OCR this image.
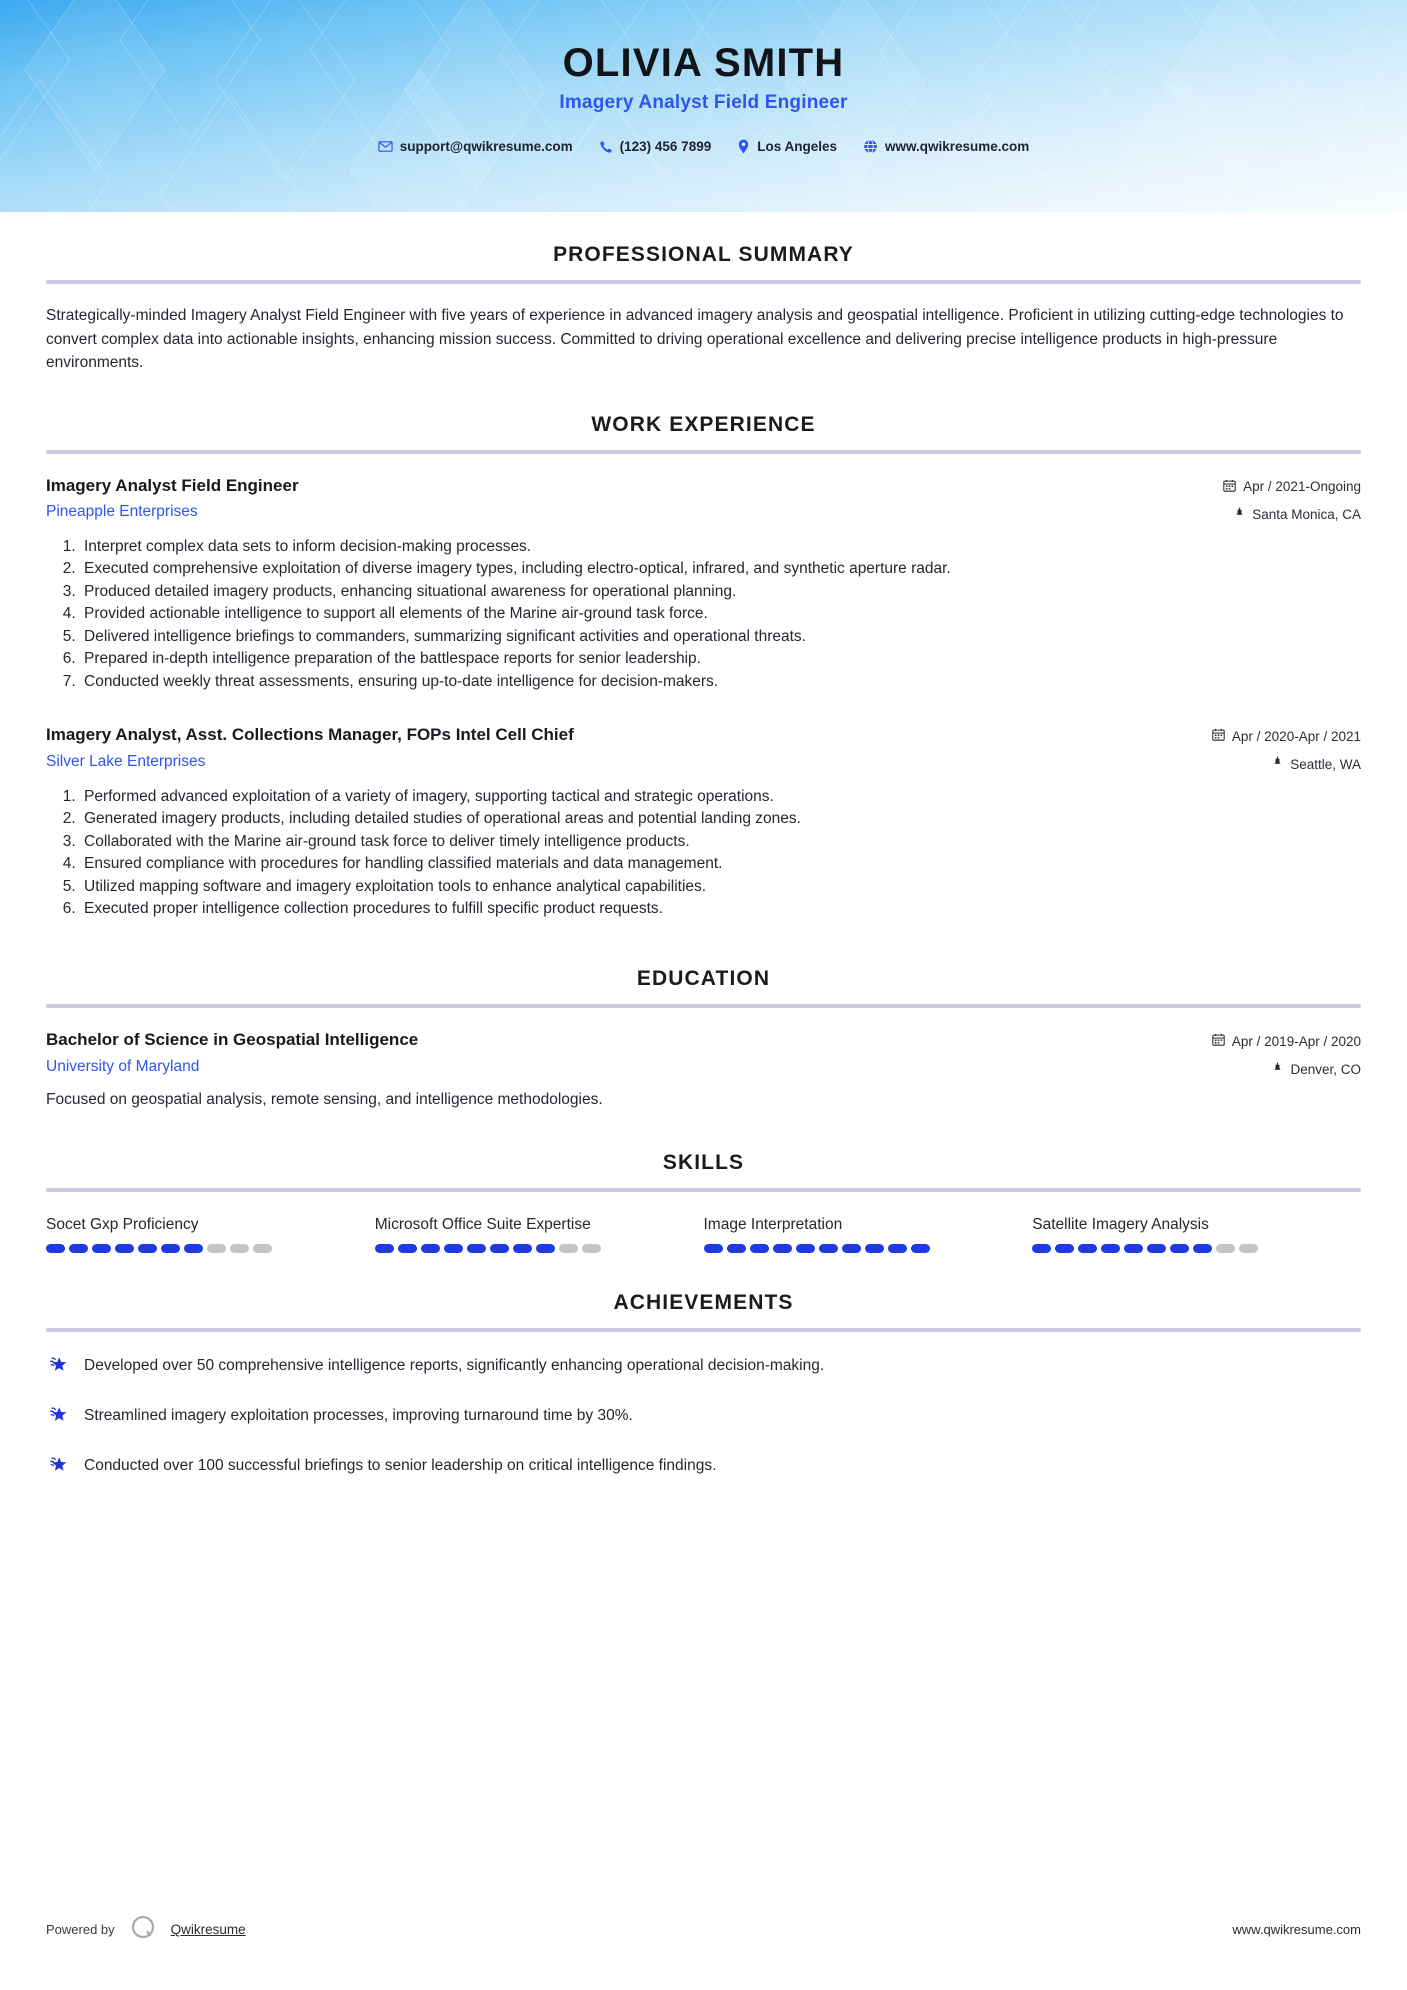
OLIVIA SMITH
Imagery Analyst Field Engineer
support@qwikresume.com	(123) 456 7899	Los Angeles	www.qwikresume.com
PROFESSIONAL SUMMARY
Strategically-minded Imagery Analyst Field Engineer with five years of experience in advanced imagery analysis and geospatial intelligence. Proficient in utilizing cutting-edge technologies to convert complex data into actionable insights, enhancing mission success. Committed to driving operational excellence and delivering precise intelligence products in high-pressure environments.
WORK EXPERIENCE
Imagery Analyst Field Engineer
Pineapple Enterprises
Apr / 2021-Ongoing
Santa Monica, CA
1. Interpret complex data sets to inform decision-making processes.
2. Executed comprehensive exploitation of diverse imagery types, including electro-optical, infrared, and synthetic aperture radar.
3. Produced detailed imagery products, enhancing situational awareness for operational planning.
4. Provided actionable intelligence to support all elements of the Marine air-ground task force.
5. Delivered intelligence briefings to commanders, summarizing significant activities and operational threats.
6. Prepared in-depth intelligence preparation of the battlespace reports for senior leadership.
7. Conducted weekly threat assessments, ensuring up-to-date intelligence for decision-makers.
Imagery Analyst, Asst. Collections Manager, FOPs Intel Cell Chief
Silver Lake Enterprises
Apr / 2020-Apr / 2021
Seattle, WA
1. Performed advanced exploitation of a variety of imagery, supporting tactical and strategic operations.
2. Generated imagery products, including detailed studies of operational areas and potential landing zones.
3. Collaborated with the Marine air-ground task force to deliver timely intelligence products.
4. Ensured compliance with procedures for handling classified materials and data management.
5. Utilized mapping software and imagery exploitation tools to enhance analytical capabilities.
6. Executed proper intelligence collection procedures to fulfill specific product requests.
EDUCATION
Bachelor of Science in Geospatial Intelligence
University of Maryland
Apr / 2019-Apr / 2020
Denver, CO
Focused on geospatial analysis, remote sensing, and intelligence methodologies.
SKILLS
Socet Gxp Proficiency	Microsoft Office Suite Expertise	Image Interpretation	Satellite Imagery Analysis
ACHIEVEMENTS
Developed over 50 comprehensive intelligence reports, significantly enhancing operational decision-making.
Streamlined imagery exploitation processes, improving turnaround time by 30%.
Conducted over 100 successful briefings to senior leadership on critical intelligence findings.
Powered by	Qwikresume	www.qwikresume.com
